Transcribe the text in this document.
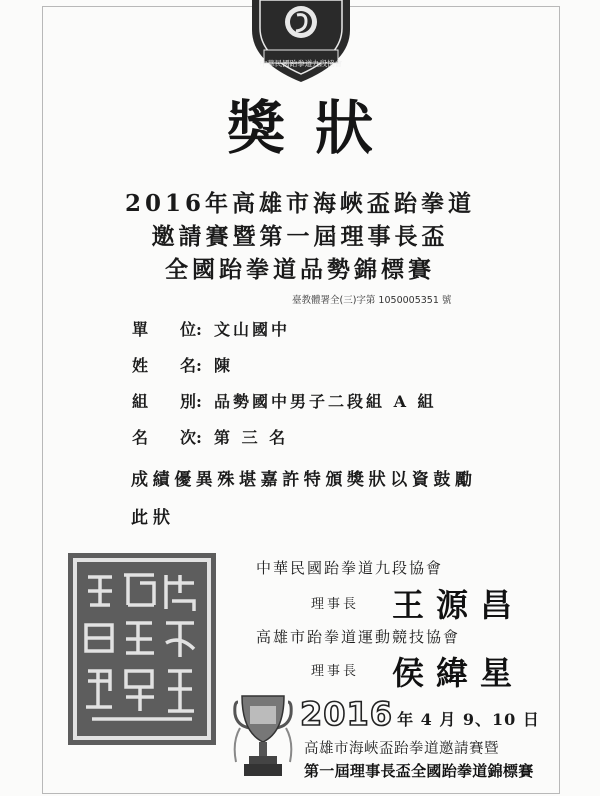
中華民國跆拳道九段協會
獎狀
2016年高雄市海峽盃跆拳道
邀請賽暨第一屆理事長盃
全國跆拳道品勢錦標賽
臺教體署全(三)字第 1050005351 號
單　　位: 文山國中
姓　　名: 陳
組　　別: 品勢國中男子二段組 A 組
名　　次: 第 三 名
成績優異殊堪嘉許特頒獎狀以資鼓勵
此狀
中華民國跆拳道九段協會
理事長 王源昌
高雄市跆拳道運動競技協會
理事長 侯緯星
2016 年 4 月 9、10 日
高雄市海峽盃跆拳道邀請賽暨
第一屆理事長盃全國跆拳道錦標賽
